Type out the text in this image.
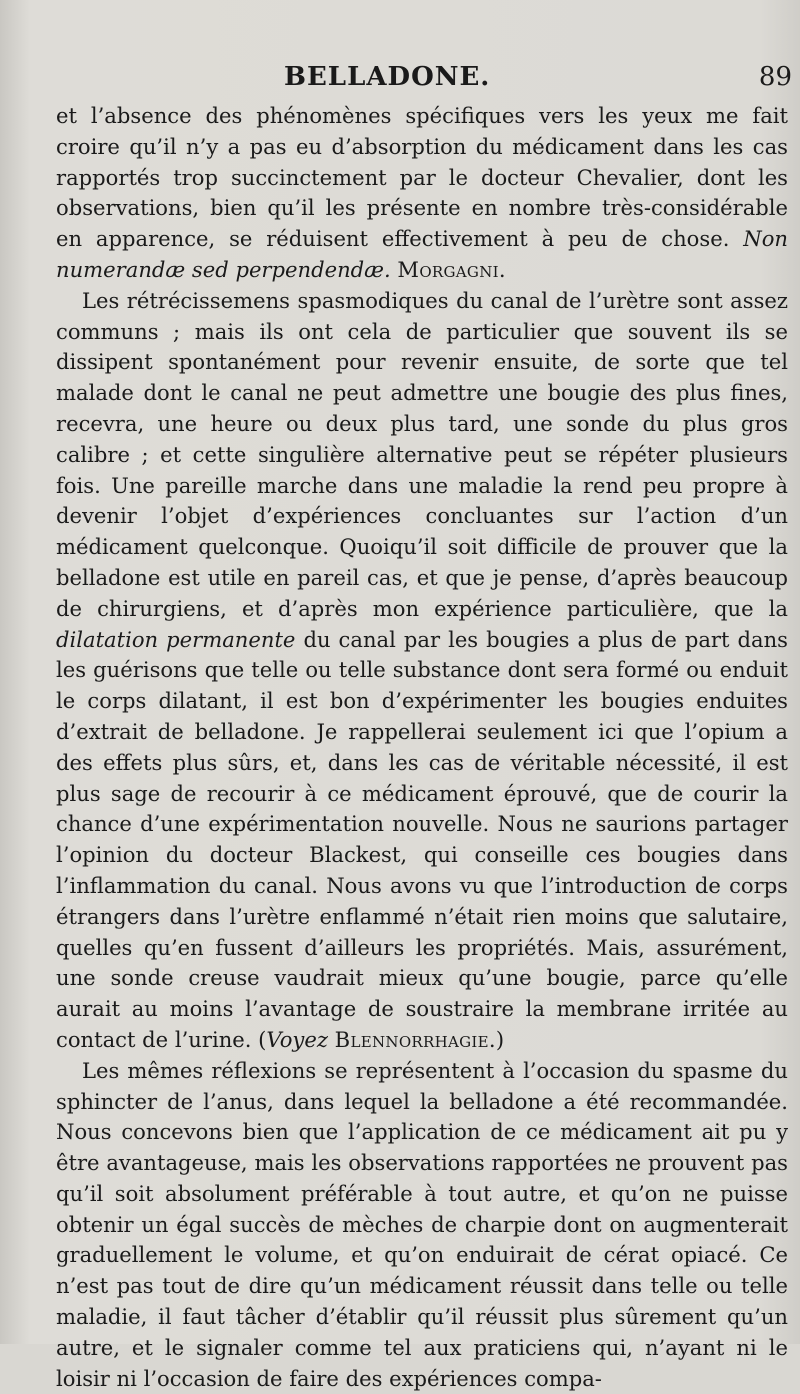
BELLADONE.	89

et l’absence des phénomènes spécifiques vers les yeux me fait croire qu’il n’y a pas eu d’absorption du médicament dans les cas rapportés trop succinctement par le docteur Chevalier, dont les observations, bien qu’il les présente en nombre très-considérable en apparence, se réduisent effectivement à peu de chose. Non numerandæ sed perpendendæ. Morgagni.

Les rétrécissemens spasmodiques du canal de l’urètre sont assez communs ; mais ils ont cela de particulier que souvent ils se dissipent spontanément pour revenir ensuite, de sorte que tel malade dont le canal ne peut admettre une bougie des plus fines, recevra, une heure ou deux plus tard, une sonde du plus gros calibre ; et cette singulière alternative peut se répéter plusieurs fois. Une pareille marche dans une maladie la rend peu propre à devenir l’objet d’expériences concluantes sur l’action d’un médicament quelconque. Quoiqu’il soit difficile de prouver que la belladone est utile en pareil cas, et que je pense, d’après beaucoup de chirurgiens, et d’après mon expérience particulière, que la dilatation permanente du canal par les bougies a plus de part dans les guérisons que telle ou telle substance dont sera formé ou enduit le corps dilatant, il est bon d’expérimenter les bougies enduites d’extrait de belladone. Je rappellerai seulement ici que l’opium a des effets plus sûrs, et, dans les cas de véritable nécessité, il est plus sage de recourir à ce médicament éprouvé, que de courir la chance d’une expérimentation nouvelle. Nous ne saurions partager l’opinion du docteur Blackest, qui conseille ces bougies dans l’inflammation du canal. Nous avons vu que l’introduction de corps étrangers dans l’urètre enflammé n’était rien moins que salutaire, quelles qu’en fussent d’ailleurs les propriétés. Mais, assurément, une sonde creuse vaudrait mieux qu’une bougie, parce qu’elle aurait au moins l’avantage de soustraire la membrane irritée au contact de l’urine. (Voyez Blennorrhagie.)

Les mêmes réflexions se représentent à l’occasion du spasme du sphincter de l’anus, dans lequel la belladone a été recommandée. Nous concevons bien que l’application de ce médicament ait pu y être avantageuse, mais les observations rapportées ne prouvent pas qu’il soit absolument préférable à tout autre, et qu’on ne puisse obtenir un égal succès de mèches de charpie dont on augmenterait graduellement le volume, et qu’on enduirait de cérat opiacé. Ce n’est pas tout de dire qu’un médicament réussit dans telle ou telle maladie, il faut tâcher d’établir qu’il réussit plus sûrement qu’un autre, et le signaler comme tel aux praticiens qui, n’ayant ni le loisir ni l’occasion de faire des expériences compa-
